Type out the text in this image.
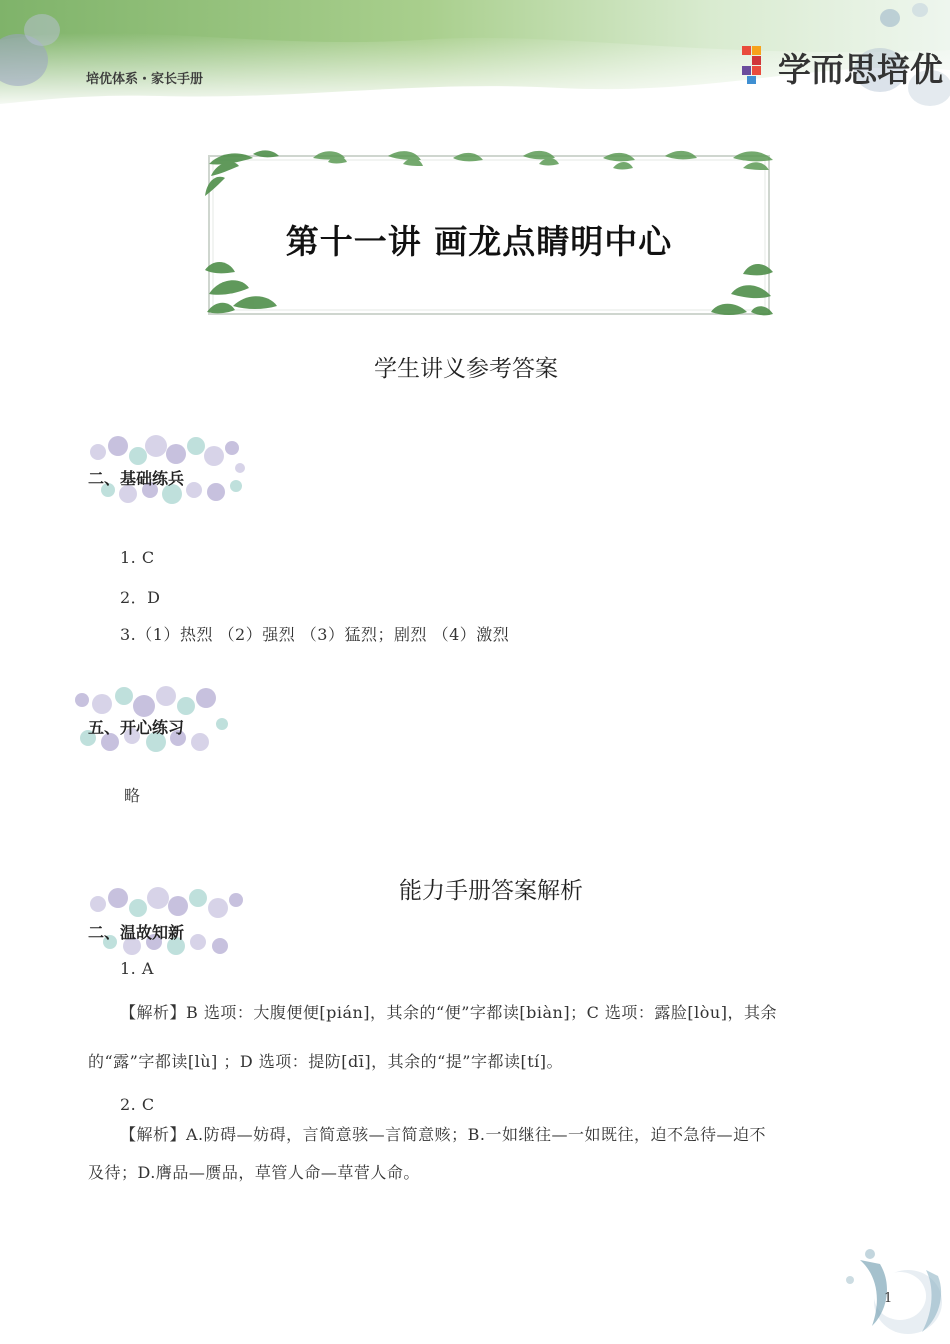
培优体系・家长手册	学而思培优
第十一讲 画龙点睛明中心
学生讲义参考答案
二、基础练兵
1. C
2．D
3.（1）热烈 （2）强烈 （3）猛烈；剧烈 （4）激烈
五、开心练习
略
能力手册答案解析
二、温故知新
1. A
【解析】B 选项：大腹便便[pián]，其余的“便”字都读[biàn]；C 选项：露脸[lòu]，其余
的“露”字都读[lù] ；D 选项：提防[dī]，其余的“提”字都读[tí]。
2. C
【解析】A.防碍—妨碍，言简意骇—言简意赅；B.一如继往—一如既往，迫不急待—迫不
及待；D.膺品—赝品，草管人命—草菅人命。
1
